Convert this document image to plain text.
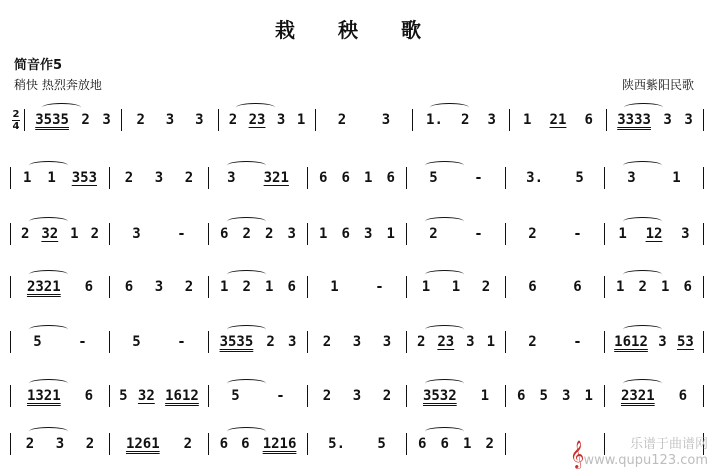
栽 秧 歌
简音作5
稍快 热烈奔放地	陕西紫阳民歌
2
4 3535 2 3 2 3 3 2 23 3 1 2	3	1. 2 3 1 21 6 3333 3 3
1 1 353 2 3 2 3 321 6 6 1 6 5	-	3. 5	3	1
2 32 1 2 3	- 6 2 2 3 1 6 3 1 2	-	2	-	1 12 3
2321 6 6 3 2 1 2 1 6 1	-	1 1 2	6	6 1 2 1 6
5	-	5	- 3535 2 3 2 3 3 2 23 3 1 2	- 1612 3 53
1321 6 5 32 1612 5	-	2 3 2 3532 1 6 5 3 1 2321 6
2 3 2 1261 2 6 6 1216 5. 5 6 6 1 2	𝄞	乐谱于曲谱网
www.qupu123.com
